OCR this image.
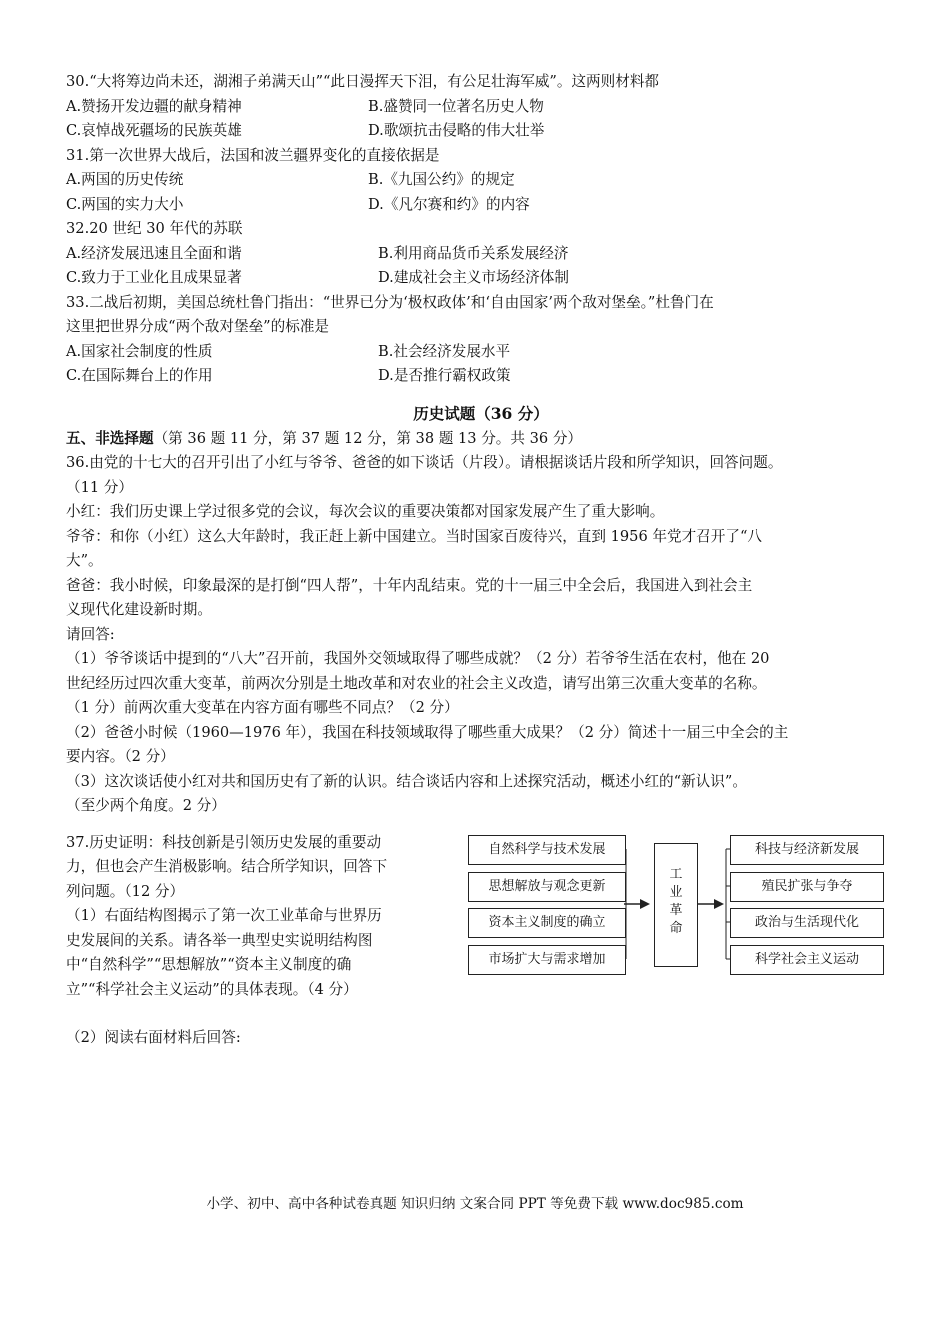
30.“大将筹边尚未还，湖湘子弟满天山”“此日漫挥天下泪，有公足壮海军威”。这两则材料都
A.赞扬开发边疆的献身精神	B.盛赞同一位著名历史人物
C.哀悼战死疆场的民族英雄	D.歌颂抗击侵略的伟大壮举
31.第一次世界大战后，法国和波兰疆界变化的直接依据是
A.两国的历史传统	B.《九国公约》的规定
C.两国的实力大小	D.《凡尔赛和约》的内容
32.20 世纪 30 年代的苏联
A.经济发展迅速且全面和谐	B.利用商品货币关系发展经济
C.致力于工业化且成果显著	D.建成社会主义市场经济体制
33.二战后初期，美国总统杜鲁门指出：“世界已分为‘极权政体’和‘自由国家’两个敌对堡垒。”杜鲁门在
这里把世界分成“两个敌对堡垒”的标准是
A.国家社会制度的性质	B.社会经济发展水平
C.在国际舞台上的作用	D.是否推行霸权政策
历史试题（36 分）
五、非选择题（第 36 题 11 分，第 37 题 12 分，第 38 题 13 分。共 36 分）
36.由党的十七大的召开引出了小红与爷爷、爸爸的如下谈话（片段）。请根据谈话片段和所学知识，回答问题。
（11 分）
小红：我们历史课上学过很多党的会议，每次会议的重要决策都对国家发展产生了重大影响。
爷爷：和你（小红）这么大年龄时，我正赶上新中国建立。当时国家百废待兴，直到 1956 年党才召开了“八
大”。
爸爸：我小时候，印象最深的是打倒“四人帮”，十年内乱结束。党的十一届三中全会后，我国进入到社会主
义现代化建设新时期。
请回答:
（1）爷爷谈话中提到的“八大”召开前，我国外交领域取得了哪些成就？（2 分）若爷爷生活在农村，他在 20
世纪经历过四次重大变革，前两次分别是土地改革和对农业的社会主义改造，请写出第三次重大变革的名称。
（1 分）前两次重大变革在内容方面有哪些不同点？（2 分）
（2）爸爸小时候（1960—1976 年），我国在科技领域取得了哪些重大成果？（2 分）简述十一届三中全会的主
要内容。（2 分）
（3）这次谈话使小红对共和国历史有了新的认识。结合谈话内容和上述探究活动，概述小红的“新认识”。
（至少两个角度。2 分）
37.历史证明：科技创新是引领历史发展的重要动
力，但也会产生消极影响。结合所学知识，回答下
列问题。（12 分）
（1）右面结构图揭示了第一次工业革命与世界历
史发展间的关系。请各举一典型史实说明结构图
中“自然科学”“思想解放”“资本主义制度的确
立”“科学社会主义运动”的具体表现。（4 分）
（2）阅读右面材料后回答:
自然科学与技术发展
思想解放与观念更新
资本主义制度的确立
市场扩大与需求增加
工
业
革
命
科技与经济新发展
殖民扩张与争夺
政治与生活现代化
科学社会主义运动
小学、初中、高中各种试卷真题 知识归纳 文案合同 PPT 等免费下载 www.doc985.com
